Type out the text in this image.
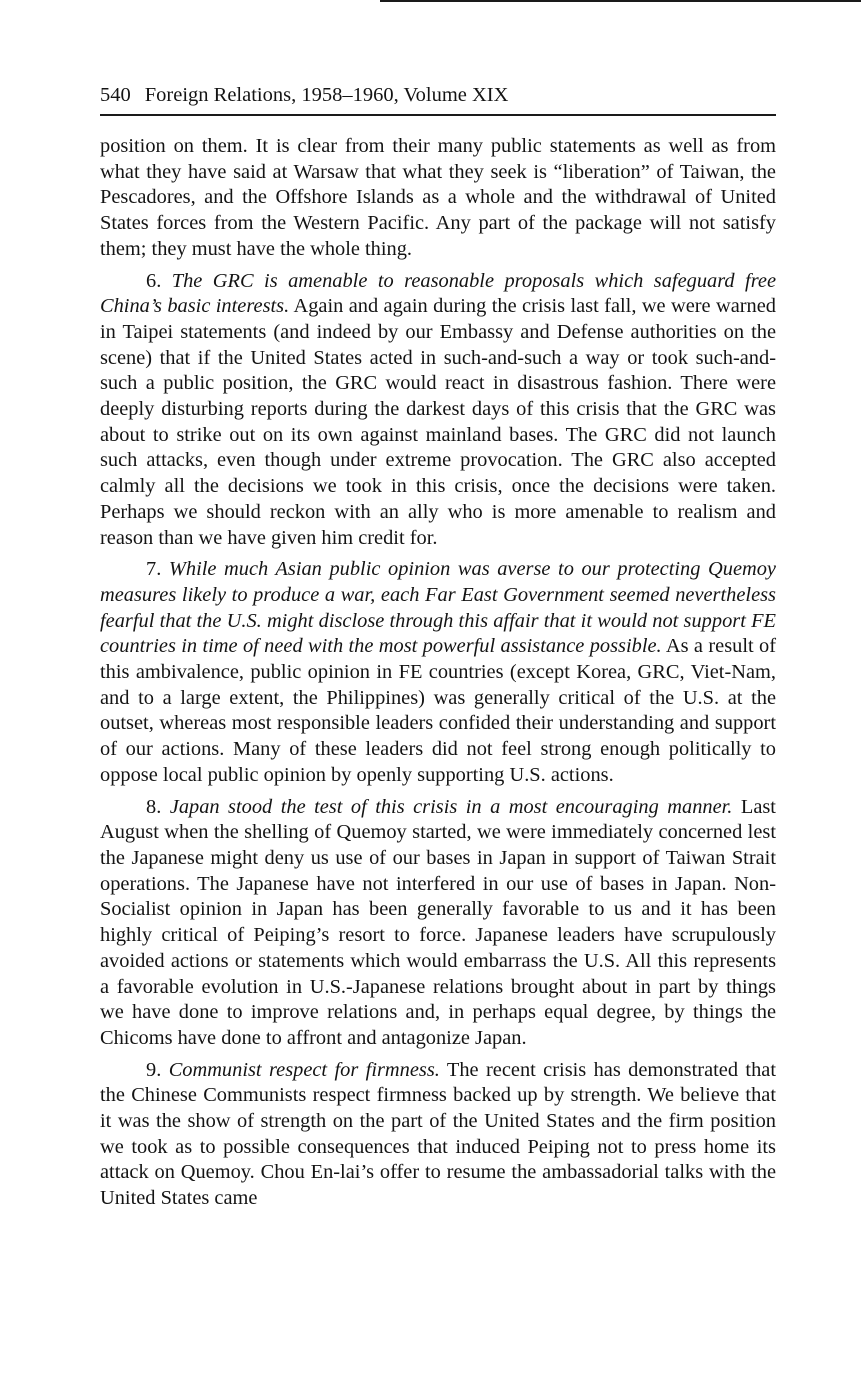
540 Foreign Relations, 1958–1960, Volume XIX

position on them. It is clear from their many public statements as well as from what they have said at Warsaw that what they seek is “liberation” of Taiwan, the Pescadores, and the Offshore Islands as a whole and the withdrawal of United States forces from the Western Pacific. Any part of the package will not satisfy them; they must have the whole thing.

6. The GRC is amenable to reasonable proposals which safeguard free China’s basic interests. Again and again during the crisis last fall, we were warned in Taipei statements (and indeed by our Embassy and Defense authorities on the scene) that if the United States acted in such-and-such a way or took such-and-such a public position, the GRC would react in disastrous fashion. There were deeply disturbing reports during the darkest days of this crisis that the GRC was about to strike out on its own against mainland bases. The GRC did not launch such attacks, even though under extreme provocation. The GRC also accepted calmly all the decisions we took in this crisis, once the decisions were taken. Perhaps we should reckon with an ally who is more amenable to realism and reason than we have given him credit for.

7. While much Asian public opinion was averse to our protecting Quemoy measures likely to produce a war, each Far East Government seemed nevertheless fearful that the U.S. might disclose through this affair that it would not support FE countries in time of need with the most powerful assistance possible. As a result of this ambivalence, public opinion in FE countries (except Korea, GRC, Viet-Nam, and to a large extent, the Philippines) was generally critical of the U.S. at the outset, whereas most responsible leaders confided their understanding and support of our actions. Many of these leaders did not feel strong enough politically to oppose local public opinion by openly supporting U.S. actions.

8. Japan stood the test of this crisis in a most encouraging manner. Last August when the shelling of Quemoy started, we were immediately concerned lest the Japanese might deny us use of our bases in Japan in support of Taiwan Strait operations. The Japanese have not interfered in our use of bases in Japan. Non-Socialist opinion in Japan has been generally favorable to us and it has been highly critical of Peiping’s resort to force. Japanese leaders have scrupulously avoided actions or statements which would embarrass the U.S. All this represents a favorable evolution in U.S.-Japanese relations brought about in part by things we have done to improve relations and, in perhaps equal degree, by things the Chicoms have done to affront and antagonize Japan.

9. Communist respect for firmness. The recent crisis has demonstrated that the Chinese Communists respect firmness backed up by strength. We believe that it was the show of strength on the part of the United States and the firm position we took as to possible consequences that induced Peiping not to press home its attack on Quemoy. Chou En-lai’s offer to resume the ambassadorial talks with the United States came
